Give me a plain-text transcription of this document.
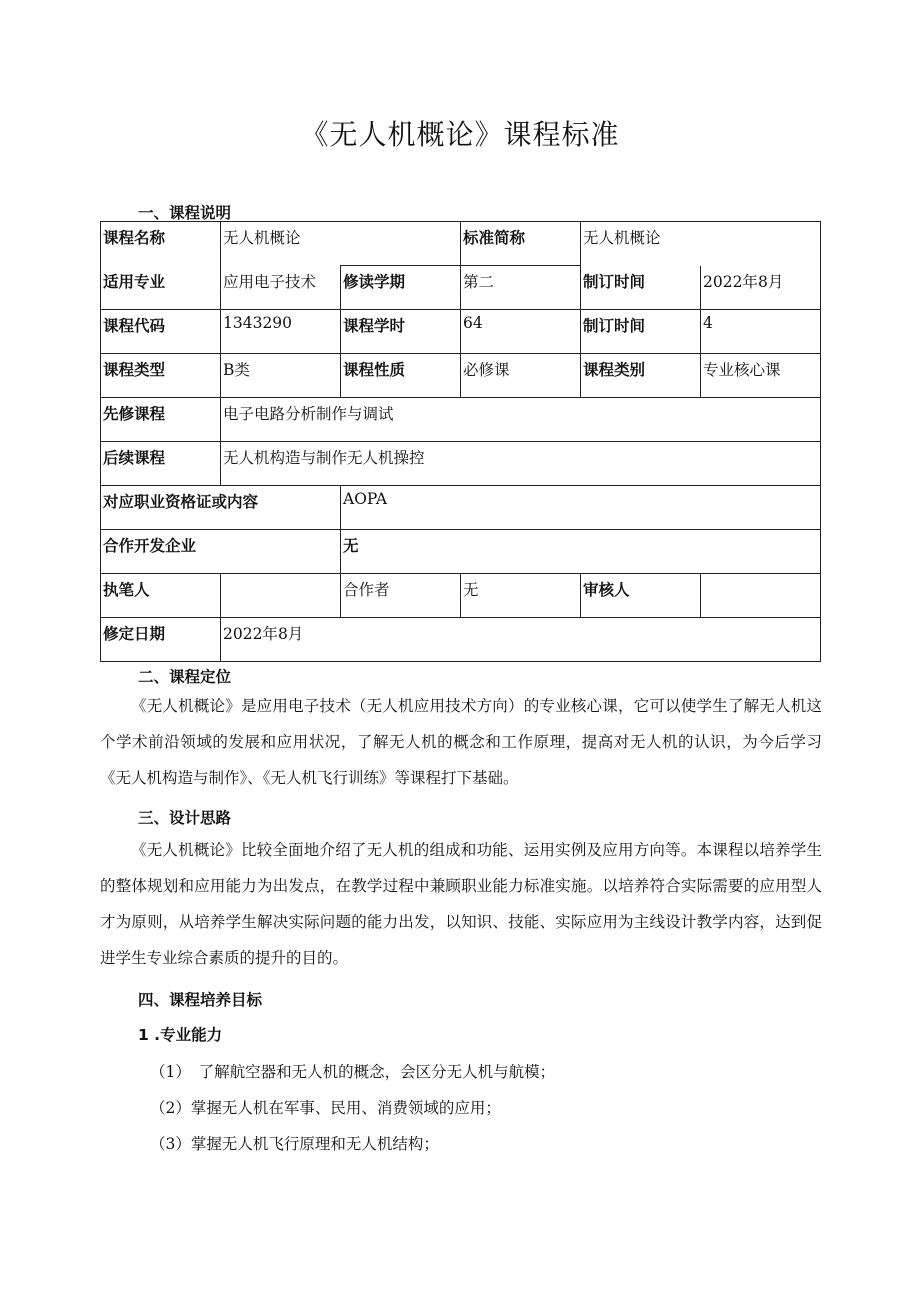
《无人机概论》课程标准
一、课程说明
课程名称	无人机概论		标准简称	无人机概论	
适用专业	应用电子技术	修读学期	第二	制订时间	2022年8月
课程代码	1343290	课程学时	64	制订时间	4
课程类型	B类	课程性质	必修课	课程类别	专业核心课
先修课程	电子电路分析制作与调试				
后续课程	无人机构造与制作无人机操控				
对应职业资格证或内容		AOPA			
合作开发企业		无			
执笔人		合作者	无	审核人	
修定日期	2022年8月				
二、课程定位
《无人机概论》是应用电子技术（无人机应用技术方向）的专业核心课，它可以使学生了解无人机这个学术前沿领域的发展和应用状况，了解无人机的概念和工作原理，提高对无人机的认识，为今后学习《无人机构造与制作》、《无人机飞行训练》等课程打下基础。
三、设计思路
《无人机概论》比较全面地介绍了无人机的组成和功能、运用实例及应用方向等。本课程以培养学生的整体规划和应用能力为出发点，在教学过程中兼顾职业能力标准实施。以培养符合实际需要的应用型人才为原则，从培养学生解决实际问题的能力出发，以知识、技能、实际应用为主线设计教学内容，达到促进学生专业综合素质的提升的目的。
四、课程培养目标
1 .专业能力
（1）　了解航空器和无人机的概念，会区分无人机与航模；
（2）掌握无人机在军事、民用、消费领域的应用；
（3）掌握无人机飞行原理和无人机结构；
